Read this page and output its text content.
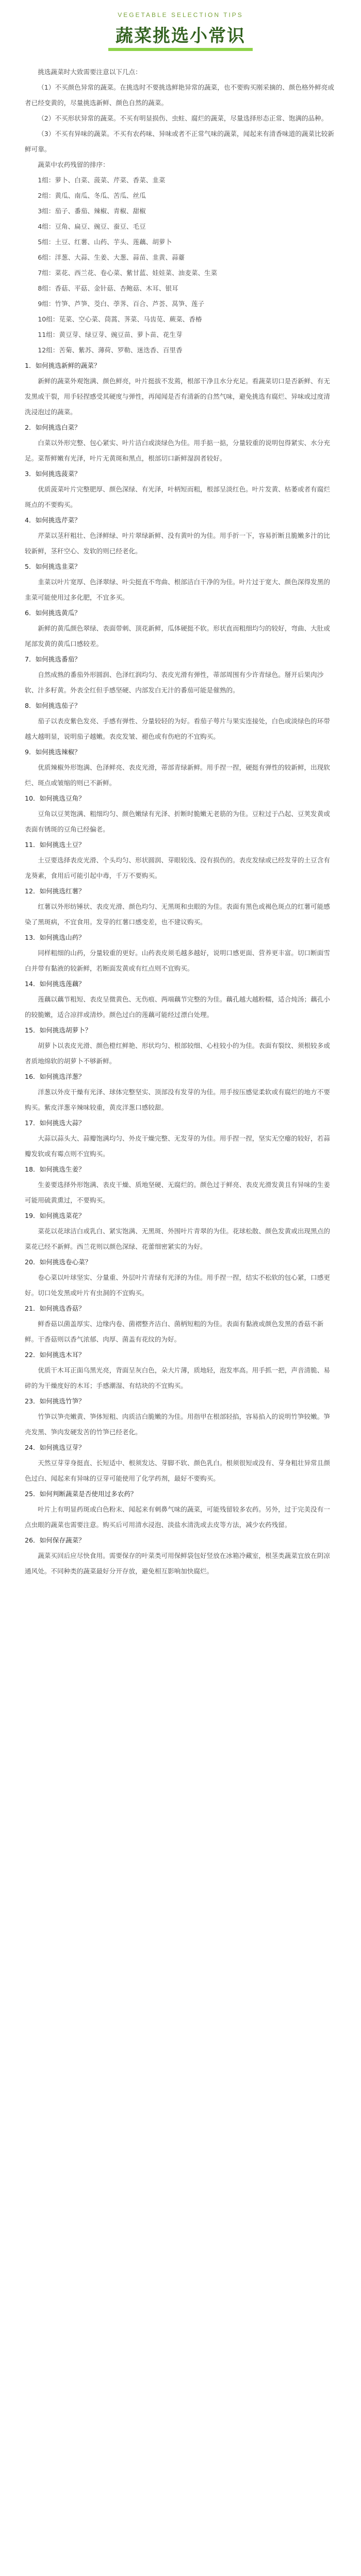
VEGETABLE SELECTION TIPS
蔬菜挑选小常识

挑选蔬菜时大致需要注意以下几点：

（1）不买颜色异常的蔬菜。在挑选时不要挑选鲜艳异常的蔬菜，也不要购买刚采摘的、颜色格外鲜亮或者已经变黄的，尽量挑选新鲜、颜色自然的蔬菜。

（2）不买形状异常的蔬菜。不买有明显损伤、虫蛀、腐烂的蔬菜，尽量选择形态正常、饱满的品种。

（3）不买有异味的蔬菜。不买有农药味、异味或者不正常气味的蔬菜，闻起来有清香味道的蔬菜比较新鲜可靠。

蔬菜中农药残留的排序：

1组：萝卜、白菜、菠菜、芹菜、香菜、韭菜

2组：黄瓜、南瓜、冬瓜、苦瓜、丝瓜

3组：茄子、番茄、辣椒、青椒、甜椒

4组：豆角、扁豆、豌豆、蚕豆、毛豆

5组：土豆、红薯、山药、芋头、莲藕、胡萝卜

6组：洋葱、大蒜、生姜、大葱、蒜苗、韭黄、蒜薹

7组：菜花、西兰花、卷心菜、紫甘蓝、娃娃菜、油麦菜、生菜

8组：香菇、平菇、金针菇、杏鲍菇、木耳、银耳

9组：竹笋、芦笋、茭白、荸荠、百合、芦荟、莴笋、莲子

10组：苋菜、空心菜、茼蒿、荠菜、马齿苋、蕨菜、香椿

11组：黄豆芽、绿豆芽、豌豆苗、萝卜苗、花生芽

12组：苦菊、紫苏、薄荷、罗勒、迷迭香、百里香

1．如何挑选新鲜的蔬菜？

新鲜的蔬菜外观饱满、颜色鲜亮，叶片挺拔不发蔫，根部干净且水分充足。看蔬菜切口是否新鲜、有无发黑或干裂，用手轻捏感受其硬度与弹性，再闻闻是否有清新的自然气味，避免挑选有腐烂、异味或过度清洗浸泡过的蔬菜。

2．如何挑选白菜？

白菜以外形完整、包心紧实、叶片洁白或淡绿色为佳。用手掂一掂，分量较重的说明包得紧实、水分充足。菜帮鲜嫩有光泽，叶片无黄斑和黑点，根部切口新鲜湿润者较好。

3．如何挑选菠菜？

优质菠菜叶片完整肥厚、颜色深绿、有光泽，叶柄短而粗，根部呈淡红色。叶片发黄、枯萎或者有腐烂斑点的不要购买。

4．如何挑选芹菜？

芹菜以茎秆粗壮、色泽鲜绿、叶片翠绿新鲜、没有黄叶的为佳。用手折一下，容易折断且脆嫩多汁的比较新鲜，茎秆空心、发软的则已经老化。

5．如何挑选韭菜？

韭菜以叶片宽厚、色泽翠绿、叶尖挺直不弯曲、根部洁白干净的为佳。叶片过于宽大、颜色深得发黑的韭菜可能使用过多化肥，不宜多买。

6．如何挑选黄瓜？

新鲜的黄瓜颜色翠绿、表面带刺、顶花新鲜，瓜体硬挺不软。形状直而粗细均匀的较好，弯曲、大肚或尾部发黄的黄瓜口感较差。

7．如何挑选番茄？

自然成熟的番茄外形圆润、色泽红润均匀、表皮光滑有弹性，蒂部周围有少许青绿色。掰开后果肉沙软、汁多籽黄。外表全红但手感坚硬、内部发白无汁的番茄可能是催熟的。

8．如何挑选茄子？

茄子以表皮紫色发亮、手感有弹性、分量较轻的为好。看茄子萼片与果实连接处，白色或淡绿色的环带越大越明显，说明茄子越嫩。表皮发皱、褪色或有伤疤的不宜购买。

9．如何挑选辣椒？

优质辣椒外形饱满、色泽鲜亮、表皮光滑，蒂部青绿新鲜。用手捏一捏，硬挺有弹性的较新鲜，出现软烂、斑点或皱缩的则已不新鲜。

10．如何挑选豆角？

豆角以豆荚饱满、粗细均匀、颜色嫩绿有光泽、折断时脆嫩无老筋的为佳。豆粒过于凸起、豆荚发黄或表面有锈斑的豆角已经偏老。

11．如何挑选土豆？

土豆要选择表皮光滑、个头均匀、形状圆润、芽眼较浅、没有损伤的。表皮发绿或已经发芽的土豆含有龙葵素，食用后可能引起中毒，千万不要购买。

12．如何挑选红薯？

红薯以外形纺锤状、表皮光滑、颜色均匀、无黑斑和虫眼的为佳。表面有黑色或褐色斑点的红薯可能感染了黑斑病，不宜食用。发芽的红薯口感变差，也不建议购买。

13．如何挑选山药？

同样粗细的山药，分量较重的更好。山药表皮须毛越多越好，说明口感更面、营养更丰富。切口断面雪白并带有黏液的较新鲜，若断面发黄或有红点则不宜购买。

14．如何挑选莲藕？

莲藕以藕节粗短、表皮呈微黄色、无伤痕、两端藕节完整的为佳。藕孔越大越粉糯，适合炖汤；藕孔小的较脆嫩，适合凉拌或清炒。颜色过白的莲藕可能经过漂白处理。

15．如何挑选胡萝卜？

胡萝卜以表皮光滑、颜色橙红鲜艳、形状均匀、根部较细、心柱较小的为佳。表面有裂纹、须根较多或者质地绵软的胡萝卜不够新鲜。

16．如何挑选洋葱？

洋葱以外皮干燥有光泽、球体完整坚实、顶部没有发芽的为佳。用手按压感觉柔软或有腐烂的地方不要购买。紫皮洋葱辛辣味较重，黄皮洋葱口感较甜。

17．如何挑选大蒜？

大蒜以蒜头大、蒜瓣饱满均匀、外皮干燥完整、无发芽的为佳。用手捏一捏，坚实无空瘪的较好，若蒜瓣发软或有霉点则不宜购买。

18．如何挑选生姜？

生姜要选择外形饱满、表皮干燥、质地坚硬、无腐烂的。颜色过于鲜亮、表皮光滑发黄且有异味的生姜可能用硫黄熏过，不要购买。

19．如何挑选菜花？

菜花以花球洁白或乳白、紧实饱满、无黑斑、外围叶片青翠的为佳。花球松散、颜色发黄或出现黑点的菜花已经不新鲜。西兰花则以颜色深绿、花蕾细密紧实的为好。

20．如何挑选卷心菜？

卷心菜以叶球坚实、分量重、外层叶片青绿有光泽的为佳。用手捏一捏，结实不松软的包心紧，口感更好。切口处发黑或叶片有虫洞的不宜购买。

21．如何挑选香菇？

鲜香菇以菌盖厚实、边缘内卷、菌褶整齐洁白、菌柄短粗的为佳。表面有黏液或颜色发黑的香菇不新鲜。干香菇则以香气浓郁、肉厚、菌盖有花纹的为好。

22．如何挑选木耳？

优质干木耳正面乌黑光亮，背面呈灰白色，朵大片薄，质地轻，泡发率高。用手抓一把，声音清脆、易碎的为干燥度好的木耳；手感潮湿、有结块的不宜购买。

23．如何挑选竹笋？

竹笋以笋壳嫩黄、笋体短粗、肉质洁白脆嫩的为佳。用指甲在根部轻掐，容易掐入的说明竹笋较嫩。笋壳发黑、笋肉发硬发苦的竹笋已经老化。

24．如何挑选豆芽？

天然豆芽芽身挺直、长短适中、根须发达、芽脚不软、颜色乳白。根须很短或没有、芽身粗壮异常且颜色过白、闻起来有异味的豆芽可能使用了化学药剂，最好不要购买。

25．如何判断蔬菜是否使用过多农药？

叶片上有明显药斑或白色粉末、闻起来有刺鼻气味的蔬菜，可能残留较多农药。另外，过于完美没有一点虫眼的蔬菜也需要注意。购买后可用清水浸泡、淡盐水清洗或去皮等方法，减少农药残留。

26．如何保存蔬菜？

蔬菜买回后应尽快食用。需要保存的叶菜类可用保鲜袋包好竖放在冰箱冷藏室，根茎类蔬菜宜放在阴凉通风处。不同种类的蔬菜最好分开存放，避免相互影响加快腐烂。
